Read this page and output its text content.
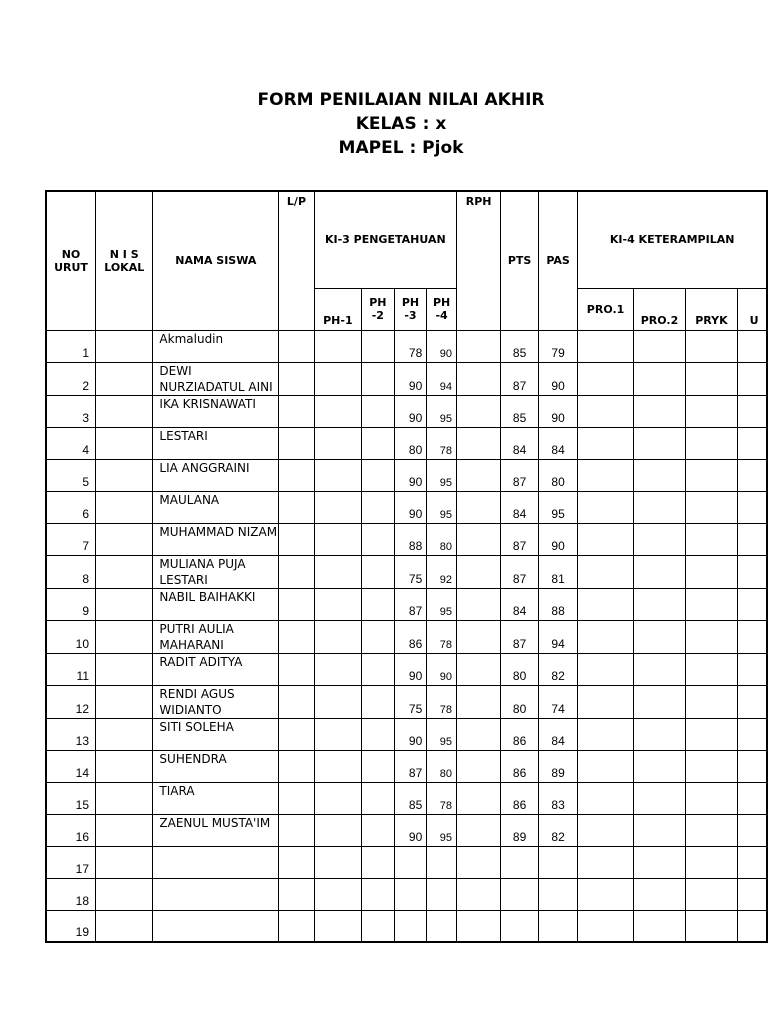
FORM PENILAIAN NILAI AKHIR
KELAS : x
MAPEL : Pjok
NO URUT	N I S LOKAL	NAMA SISWA	L/P	KI-3 PENGETAHUAN				RPH	PTS	PAS	KI-4 KETERAMPILAN			
				PH-1	PH -2	PH -3	PH -4				PRO.1	PRO.2	PRYK	U
1		Akmaludin				78	90		85	79				
2		DEWI NURZIADATUL AINI				90	94		87	90				
3		IKA KRISNAWATI				90	95		85	90				
4		LESTARI				80	78		84	84				
5		LIA ANGGRAINI				90	95		87	80				
6		MAULANA				90	95		84	95				
7		MUHAMMAD NIZAM				88	80		87	90				
8		MULIANA PUJA LESTARI				75	92		87	81				
9		NABIL BAIHAKKI				87	95		84	88				
10		PUTRI AULIA MAHARANI				86	78		87	94				
11		RADIT ADITYA				90	90		80	82				
12		RENDI AGUS WIDIANTO				75	78		80	74				
13		SITI SOLEHA				90	95		86	84				
14		SUHENDRA				87	80		86	89				
15		TIARA				85	78		86	83				
16		ZAENUL MUSTA'IM				90	95		89	82				
17														
18														
19														
